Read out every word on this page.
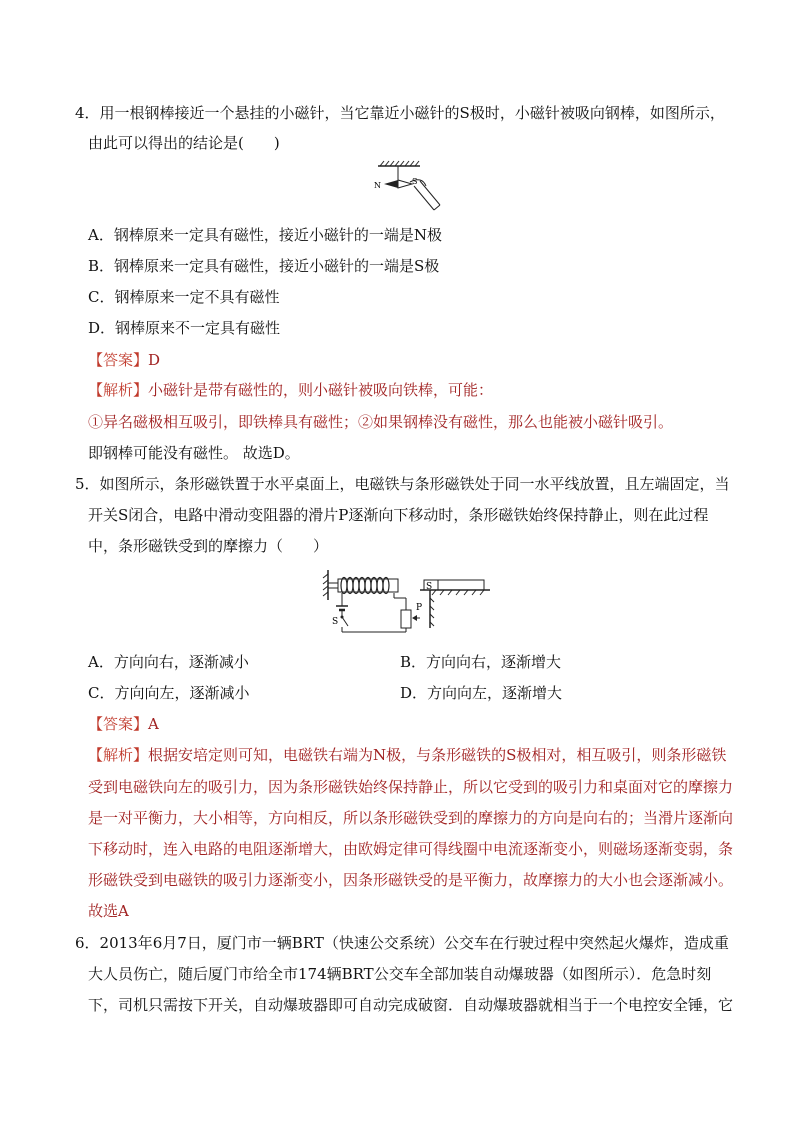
4．用一根钢棒接近一个悬挂的小磁针，当它靠近小磁针的S极时，小磁针被吸向钢棒，如图所示，
由此可以得出的结论是(　　)
N	S
A．钢棒原来一定具有磁性，接近小磁针的一端是N极
B．钢棒原来一定具有磁性，接近小磁针的一端是S极
C．钢棒原来一定不具有磁性
D．钢棒原来不一定具有磁性
【答案】D
【解析】小磁针是带有磁性的，则小磁针被吸向铁棒，可能：
①异名磁极相互吸引，即铁棒具有磁性；②如果钢棒没有磁性，那么也能被小磁针吸引。
即钢棒可能没有磁性。 故选D。
5．如图所示，条形磁铁置于水平桌面上，电磁铁与条形磁铁处于同一水平线放置，且左端固定，当
开关S闭合，电路中滑动变阻器的滑片P逐渐向下移动时，条形磁铁始终保持静止，则在此过程
中，条形磁铁受到的摩擦力（　　）
S
P
S
A．方向向右，逐渐减小	B．方向向右，逐渐增大
C．方向向左，逐渐减小	D．方向向左，逐渐增大
【答案】A
【解析】根据安培定则可知，电磁铁右端为N极，与条形磁铁的S极相对，相互吸引，则条形磁铁
受到电磁铁向左的吸引力，因为条形磁铁始终保持静止，所以它受到的吸引力和桌面对它的摩擦力
是一对平衡力，大小相等，方向相反，所以条形磁铁受到的摩擦力的方向是向右的；当滑片逐渐向
下移动时，连入电路的电阻逐渐增大，由欧姆定律可得线圈中电流逐渐变小，则磁场逐渐变弱，条
形磁铁受到电磁铁的吸引力逐渐变小，因条形磁铁受的是平衡力，故摩擦力的大小也会逐渐减小。
故选A
6．2013年6月7日，厦门市一辆BRT（快速公交系统）公交车在行驶过程中突然起火爆炸，造成重
大人员伤亡，随后厦门市给全市174辆BRT公交车全部加装自动爆玻器（如图所示）．危急时刻
下，司机只需按下开关，自动爆玻器即可自动完成破窗．自动爆玻器就相当于一个电控安全锤，它
